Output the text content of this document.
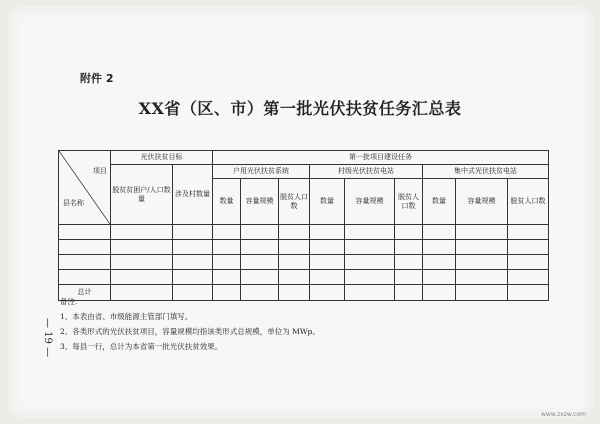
附件 2
XX省（区、市）第一批光伏扶贫任务汇总表
项目
县名称	光伏扶贫目标		第一批项目建设任务								
	脱贫贫困户/人口数量	涉及村数量	户用光伏扶贫系统			村级光伏扶贫电站			集中式光伏扶贫电站		
			数量	容量规模	脱贫人口数	数量	容量规模	脱贫人口数	数量	容量规模	脱贫人口数

总计											
备注：
1、本表由省、市级能源主管部门填写。
2、各类形式的光伏扶贫项目，容量规模均指该类形式总规模，单位为 MWp。
3、每县一行，总计为本省第一批光伏扶贫效果。
— 19 —
www.zxzw.com
